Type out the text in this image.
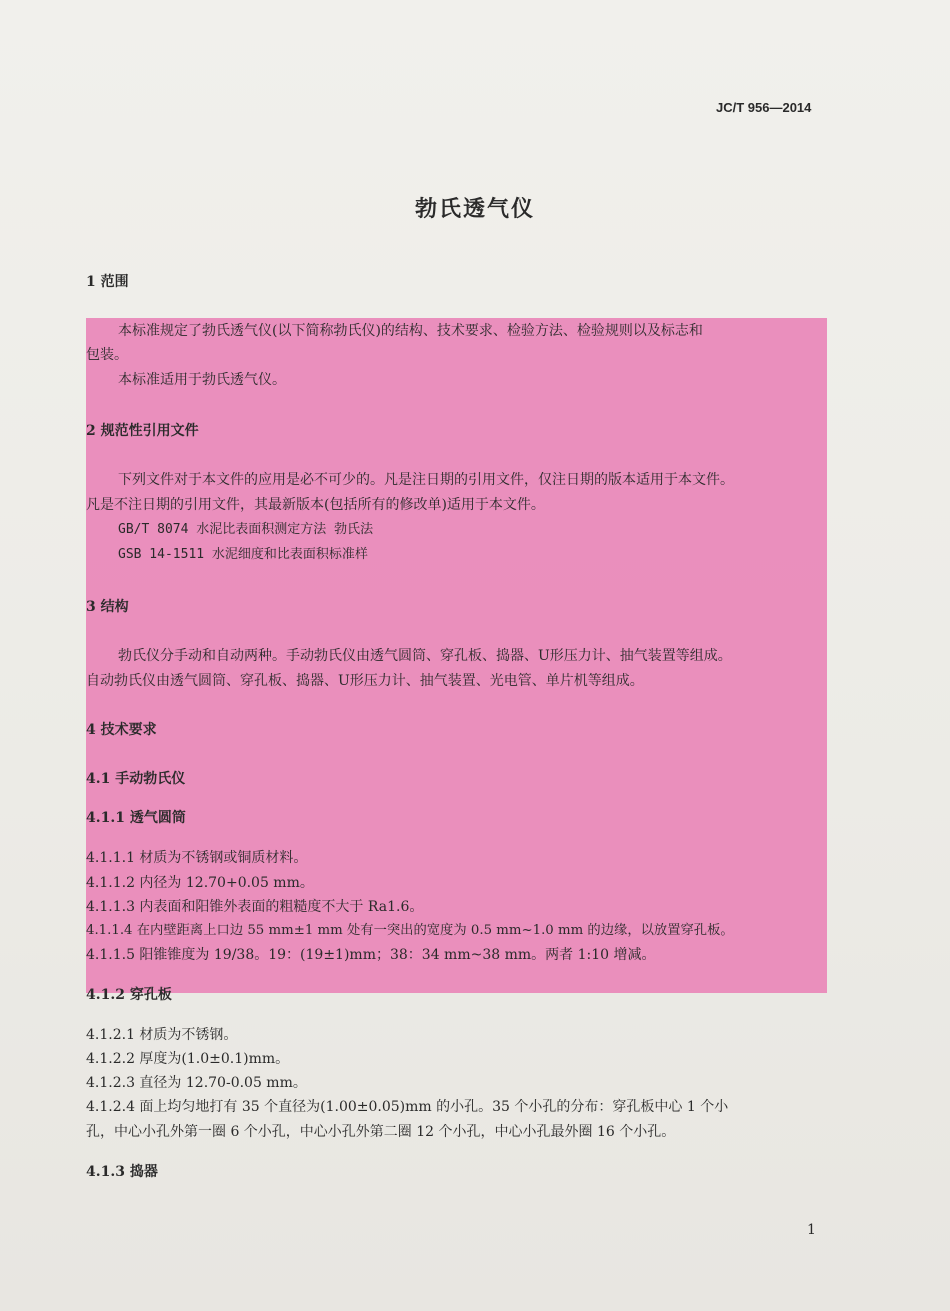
JC/T 956—2014
勃氏透气仪
1 范围
本标准规定了勃氏透气仪(以下简称勃氏仪)的结构、技术要求、检验方法、检验规则以及标志和
包装。
本标准适用于勃氏透气仪。
2 规范性引用文件
下列文件对于本文件的应用是必不可少的。凡是注日期的引用文件，仅注日期的版本适用于本文件。
凡是不注日期的引用文件，其最新版本(包括所有的修改单)适用于本文件。
GB/T 8074 水泥比表面积测定方法 勃氏法
GSB 14-1511 水泥细度和比表面积标准样
3 结构
勃氏仪分手动和自动两种。手动勃氏仪由透气圆筒、穿孔板、捣器、U形压力计、抽气装置等组成。
自动勃氏仪由透气圆筒、穿孔板、捣器、U形压力计、抽气装置、光电管、单片机等组成。
4 技术要求
4.1 手动勃氏仪
4.1.1 透气圆筒
4.1.1.1 材质为不锈钢或铜质材料。
4.1.1.2 内径为 12.70+0.05 mm。
4.1.1.3 内表面和阳锥外表面的粗糙度不大于 Ra1.6。
4.1.1.4 在内壁距离上口边 55 mm±1 mm 处有一突出的宽度为 0.5 mm~1.0 mm 的边缘，以放置穿孔板。
4.1.1.5 阳锥锥度为 19/38。19：(19±1)mm；38：34 mm~38 mm。两者 1:10 增减。
4.1.2 穿孔板
4.1.2.1 材质为不锈钢。
4.1.2.2 厚度为(1.0±0.1)mm。
4.1.2.3 直径为 12.70-0.05 mm。
4.1.2.4 面上均匀地打有 35 个直径为(1.00±0.05)mm 的小孔。35 个小孔的分布：穿孔板中心 1 个小
孔，中心小孔外第一圈 6 个小孔，中心小孔外第二圈 12 个小孔，中心小孔最外圈 16 个小孔。
4.1.3 捣器
1
